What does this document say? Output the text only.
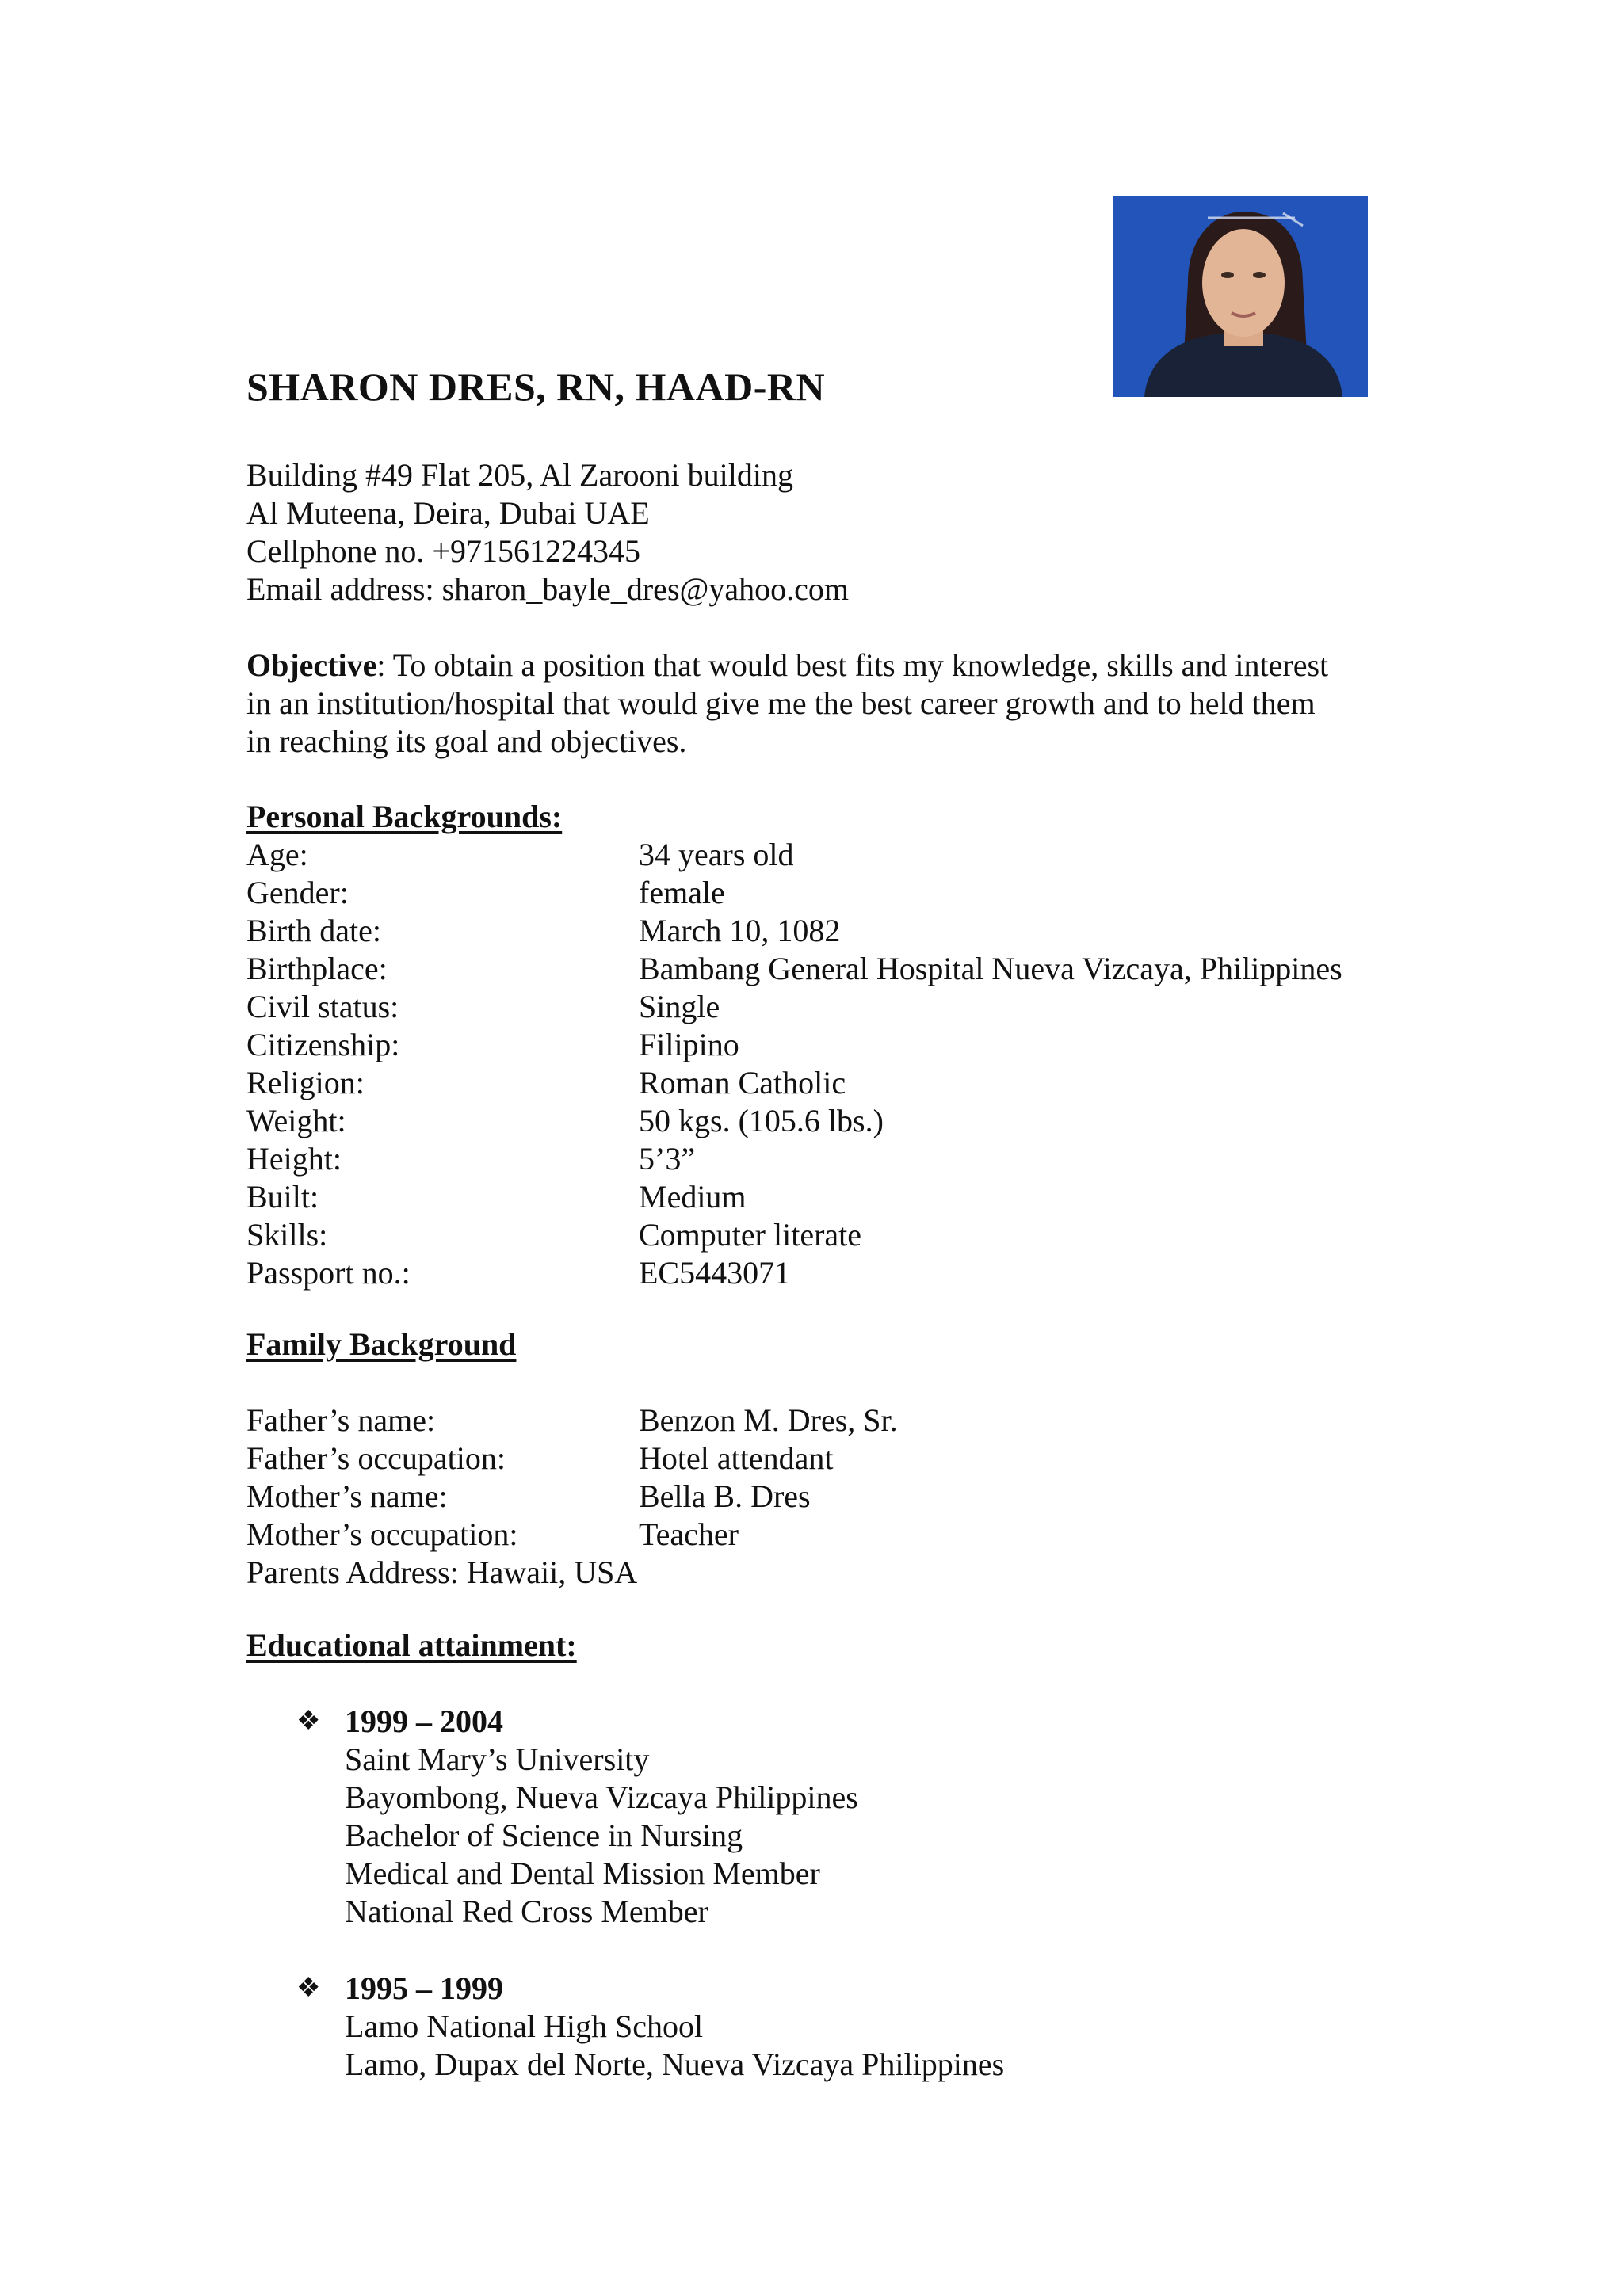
SHARON DRES, RN, HAAD-RN
Building #49 Flat 205, Al Zarooni building
Al Muteena, Deira, Dubai UAE
Cellphone no. +971561224345
Email address: sharon_bayle_dres@yahoo.com
Objective: To obtain a position that would best fits my knowledge, skills and interest
in an institution/hospital that would give me the best career growth and to held them
in reaching its goal and objectives.
Personal Backgrounds:
Age:	34 years old
Gender:	female
Birth date:	March 10, 1082
Birthplace:	Bambang General Hospital Nueva Vizcaya, Philippines
Civil status:	Single
Citizenship:	Filipino
Religion:	Roman Catholic
Weight:	50 kgs. (105.6 lbs.)
Height:	5’3”
Built:	Medium
Skills:	Computer literate
Passport no.:	EC5443071
Family Background
Father’s name:	Benzon M. Dres, Sr.
Father’s occupation:	Hotel attendant
Mother’s name:	Bella B. Dres
Mother’s occupation:	Teacher
Parents Address: Hawaii, USA
Educational attainment:
❖ 1999 – 2004
Saint Mary’s University
Bayombong, Nueva Vizcaya Philippines
Bachelor of Science in Nursing
Medical and Dental Mission Member
National Red Cross Member
❖ 1995 – 1999
Lamo National High School
Lamo, Dupax del Norte, Nueva Vizcaya Philippines
